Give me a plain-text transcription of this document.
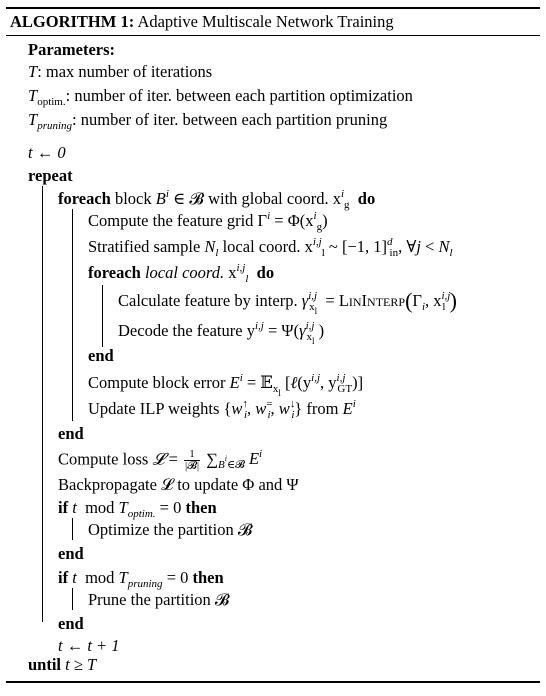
ALGORITHM 1: Adaptive Multiscale Network Training
Parameters:
T: max number of iterations
$T_{optim.}$: number of iter. between each partition optimization
$T_{pruning}$: number of iter. between each partition pruning
t ← 0
repeat
foreach block $B^i$ ∈ 𝓑 with global coord. $x^i_g$ do
Compute the feature grid $\Gamma^i = \Phi(x^i_g)$
Stratified sample $N_l$ local coord. $x^{i,j}_l$ ~ [−1, 1]$^d_{in}$, ∀j < $N_l$
foreach local coord. $x^{i,j}_l$ do
Calculate feature by interp. $\gamma^{i,j}_{x_l}$  = $LinInterp(\Gamma_i$, $x^{i,j}_l$ )
Decode the feature $y^{i,j} = \Psi(\gamma^{i,j}_{x_l}$ )
end
Compute block error $E^i$ = 𝔼$_{x_l}$ [$\ell(y^{i,j}$, $y^{i,j}_{GT}$)]
Update ILP weights {$w^↑_i$, $w^=_i$, $w^↓_i$} from $E^i$
end
Compute loss 𝓛 = $\frac{1}{\text{|𝓑|}} \sum_{B^i\in 𝓑}$ $E^i$
Backpropagate 𝓛 to update Φ and Ψ
if t mod $T_{optim.} = 0$ then
Optimize the partition 𝓑
end
if t mod $T_{pruning} = 0$ then
Prune the partition 𝓑
end
t ← t + 1
until t ≥ T
